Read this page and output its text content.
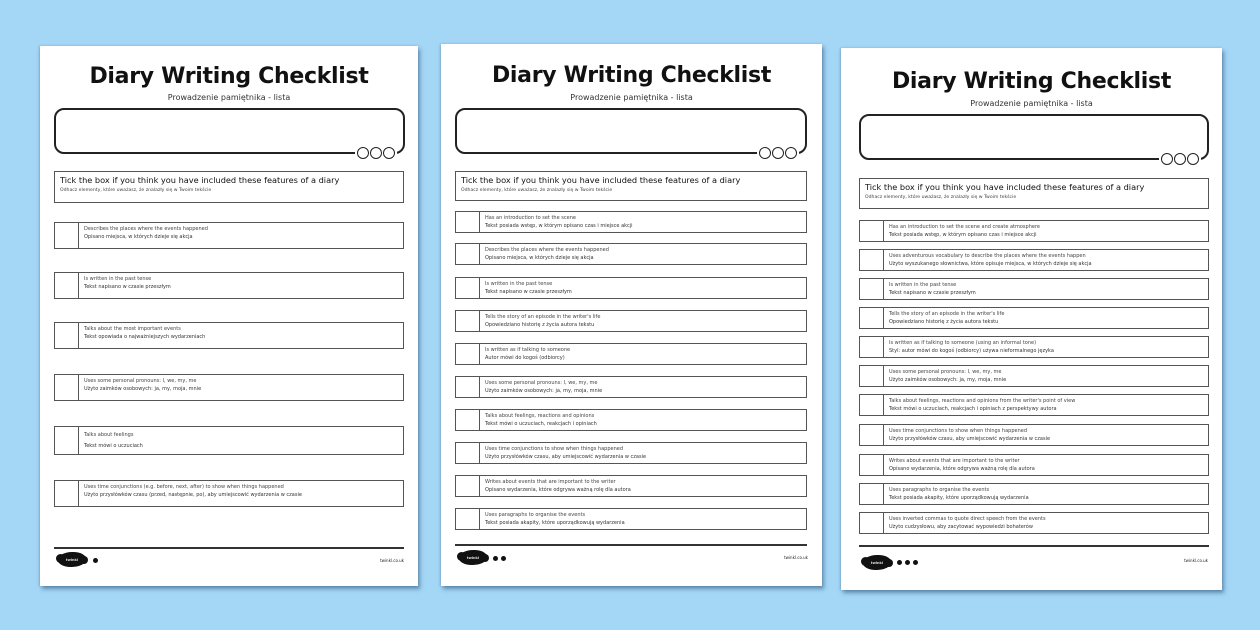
Diary Writing Checklist
Prowadzenie pamiętnika - lista
Tick the box if you think you have included these features of a diary
Odhacz elementy, które uważasz, że znalazły się w Twoim tekście
Describes the places where the events happened
Opisano miejsca, w których dzieje się akcja
Is written in the past tense
Tekst napisano w czasie przeszłym
Talks about the most important events
Tekst opowiada o najważniejszych wydarzeniach
Uses some personal pronouns: I, we, my, me
Użyto zaimków osobowych: ja, my, moja, mnie
Talks about feelings
Tekst mówi o uczuciach
Uses time conjunctions (e.g. before, next, after) to show when things happened
Użyto przysłówków czasu (przed, następnie, po), aby umiejscowić wydarzenia w czasie
twinkl	twinkl.co.uk
Diary Writing Checklist
Prowadzenie pamiętnika - lista
Tick the box if you think you have included these features of a diary
Odhacz elementy, które uważasz, że znalazły się w Twoim tekście
Has an introduction to set the scene
Tekst posiada wstęp, w którym opisano czas i miejsce akcji
Describes the places where the events happened
Opisano miejsca, w których dzieje się akcja
Is written in the past tense
Tekst napisano w czasie przeszłym
Tells the story of an episode in the writer's life
Opowiedziano historię z życia autora tekstu
Is written as if talking to someone
Autor mówi do kogoś (odbiorcy)
Uses some personal pronouns: I, we, my, me
Użyto zaimków osobowych: ja, my, moja, mnie
Talks about feelings, reactions and opinions
Tekst mówi o uczuciach, reakcjach i opiniach
Uses time conjunctions to show when things happened
Użyto przysłówków czasu, aby umiejscowić wydarzenia w czasie
Writes about events that are important to the writer
Opisano wydarzenia, które odgrywa ważną rolę dla autora
Uses paragraphs to organise the events
Tekst posiada akapity, które uporządkowują wydarzenia
twinkl	twinkl.co.uk
Diary Writing Checklist
Prowadzenie pamiętnika - lista
Tick the box if you think you have included these features of a diary
Odhacz elementy, które uważasz, że znalazły się w Twoim tekście
Has an introduction to set the scene and create atmosphere
Tekst posiada wstęp, w którym opisano czas i miejsce akcji
Uses adventurous vocabulary to describe the places where the events happen
Użyto wyszukanego słownictwa, które opisuje miejsca, w których dzieje się akcja
Is written in the past tense
Tekst napisano w czasie przeszłym
Tells the story of an episode in the writer's life
Opowiedziano historię z życia autora tekstu
Is written as if talking to someone (using an informal tone)
Styl: autor mówi do kogoś (odbiorcy) używa nieformalnego języka
Uses some personal pronouns: I, we, my, me
Użyto zaimków osobowych: ja, my, moja, mnie
Talks about feelings, reactions and opinions from the writer's point of view
Tekst mówi o uczuciach, reakcjach i opiniach z perspektywy autora
Uses time conjunctions to show when things happened
Użyto przysłówków czasu, aby umiejscowić wydarzenia w czasie
Writes about events that are important to the writer
Opisano wydarzenia, które odgrywa ważną rolę dla autora
Uses paragraphs to organise the events
Tekst posiada akapity, które uporządkowują wydarzenia
Uses inverted commas to quote direct speech from the events
Użyto cudzysłowu, aby zacytować wypowiedzi bohaterów
twinkl	twinkl.co.uk
